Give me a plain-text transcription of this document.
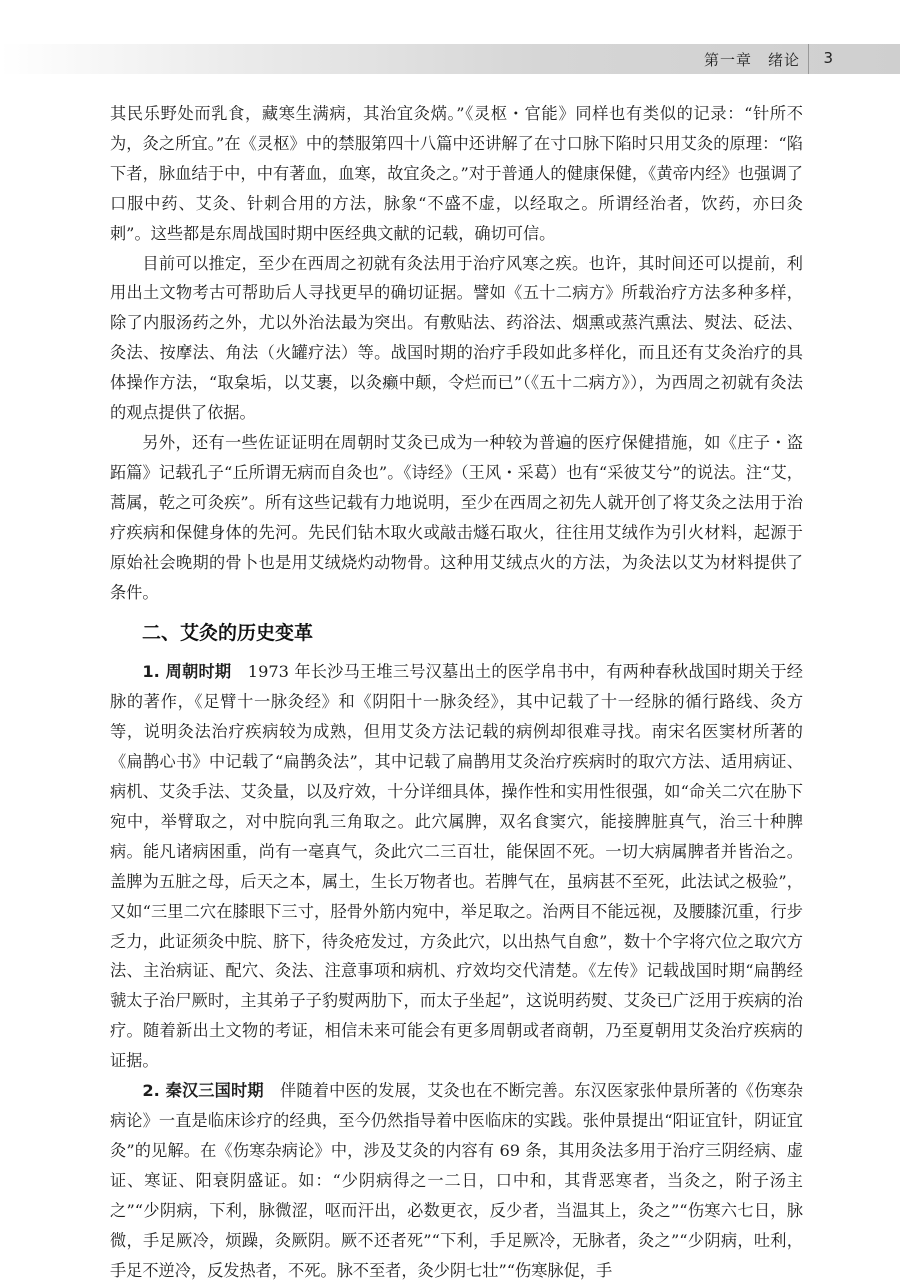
第一章　绪论 3

其民乐野处而乳食，藏寒生满病，其治宜灸焫。”《灵枢・官能》同样也有类似的记录：“针所不为，灸之所宜。”在《灵枢》中的禁服第四十八篇中还讲解了在寸口脉下陷时只用艾灸的原理：“陷下者，脉血结于中，中有著血，血寒，故宜灸之。”对于普通人的健康保健，《黄帝内经》也强调了口服中药、艾灸、针刺合用的方法，脉象“不盛不虚，以经取之。所谓经治者，饮药，亦曰灸刺”。这些都是东周战国时期中医经典文献的记载，确切可信。

目前可以推定，至少在西周之初就有灸法用于治疗风寒之疾。也许，其时间还可以提前，利用出土文物考古可帮助后人寻找更早的确切证据。譬如《五十二病方》所载治疗方法多种多样，除了内服汤药之外，尤以外治法最为突出。有敷贴法、药浴法、烟熏或蒸汽熏法、熨法、砭法、灸法、按摩法、角法（火罐疗法）等。战国时期的治疗手段如此多样化，而且还有艾灸治疗的具体操作方法，“取枲垢，以艾裹，以灸癞中颠，令烂而已”（《五十二病方》），为西周之初就有灸法的观点提供了依据。

另外，还有一些佐证证明在周朝时艾灸已成为一种较为普遍的医疗保健措施，如《庄子・盗跖篇》记载孔子“丘所谓无病而自灸也”。《诗经》（王风・采葛）也有“采彼艾兮”的说法。注“艾，蒿属，乾之可灸疾”。所有这些记载有力地说明，至少在西周之初先人就开创了将艾灸之法用于治疗疾病和保健身体的先河。先民们钻木取火或敲击燧石取火，往往用艾绒作为引火材料，起源于原始社会晚期的骨卜也是用艾绒烧灼动物骨。这种用艾绒点火的方法，为灸法以艾为材料提供了条件。

二、艾灸的历史变革

1. 周朝时期　 1973 年长沙马王堆三号汉墓出土的医学帛书中，有两种春秋战国时期关于经脉的著作，《足臂十一脉灸经》和《阴阳十一脉灸经》，其中记载了十一经脉的循行路线、灸方等，说明灸法治疗疾病较为成熟，但用艾灸方法记载的病例却很难寻找。南宋名医窦材所著的《扁鹊心书》中记载了“扁鹊灸法”，其中记载了扁鹊用艾灸治疗疾病时的取穴方法、适用病证、病机、艾灸手法、艾灸量，以及疗效，十分详细具体，操作性和实用性很强，如“命关二穴在胁下宛中，举臂取之，对中脘向乳三角取之。此穴属脾，双名食窦穴，能接脾脏真气，治三十种脾病。能凡诸病困重，尚有一毫真气，灸此穴二三百壮，能保固不死。一切大病属脾者并皆治之。盖脾为五脏之母，后天之本，属土，生长万物者也。若脾气在，虽病甚不至死，此法试之极验”，又如“三里二穴在膝眼下三寸，胫骨外筋内宛中，举足取之。治两目不能远视，及腰膝沉重，行步乏力，此证须灸中脘、脐下，待灸疮发过，方灸此穴，以出热气自愈”，数十个字将穴位之取穴方法、主治病证、配穴、灸法、注意事项和病机、疗效均交代清楚。《左传》记载战国时期“扁鹊经虢太子治尸厥时，主其弟子子豹熨两肋下，而太子坐起”，这说明药熨、艾灸已广泛用于疾病的治疗。随着新出土文物的考证，相信未来可能会有更多周朝或者商朝，乃至夏朝用艾灸治疗疾病的证据。

2. 秦汉三国时期　 伴随着中医的发展，艾灸也在不断完善。东汉医家张仲景所著的《伤寒杂病论》一直是临床诊疗的经典，至今仍然指导着中医临床的实践。张仲景提出“阳证宜针，阴证宜灸”的见解。在《伤寒杂病论》中，涉及艾灸的内容有 69 条，其用灸法多用于治疗三阴经病、虚证、寒证、阳衰阴盛证。如：“少阴病得之一二日，口中和，其背恶寒者，当灸之，附子汤主之”“少阴病，下利，脉微涩，呕而汗出，必数更衣，反少者，当温其上，灸之”“伤寒六七日，脉微，手足厥冷，烦躁，灸厥阴。厥不还者死”“下利，手足厥冷，无脉者，灸之”“少阴病，吐利，手足不逆冷，反发热者，不死。脉不至者，灸少阴七壮”“伤寒脉促，手
